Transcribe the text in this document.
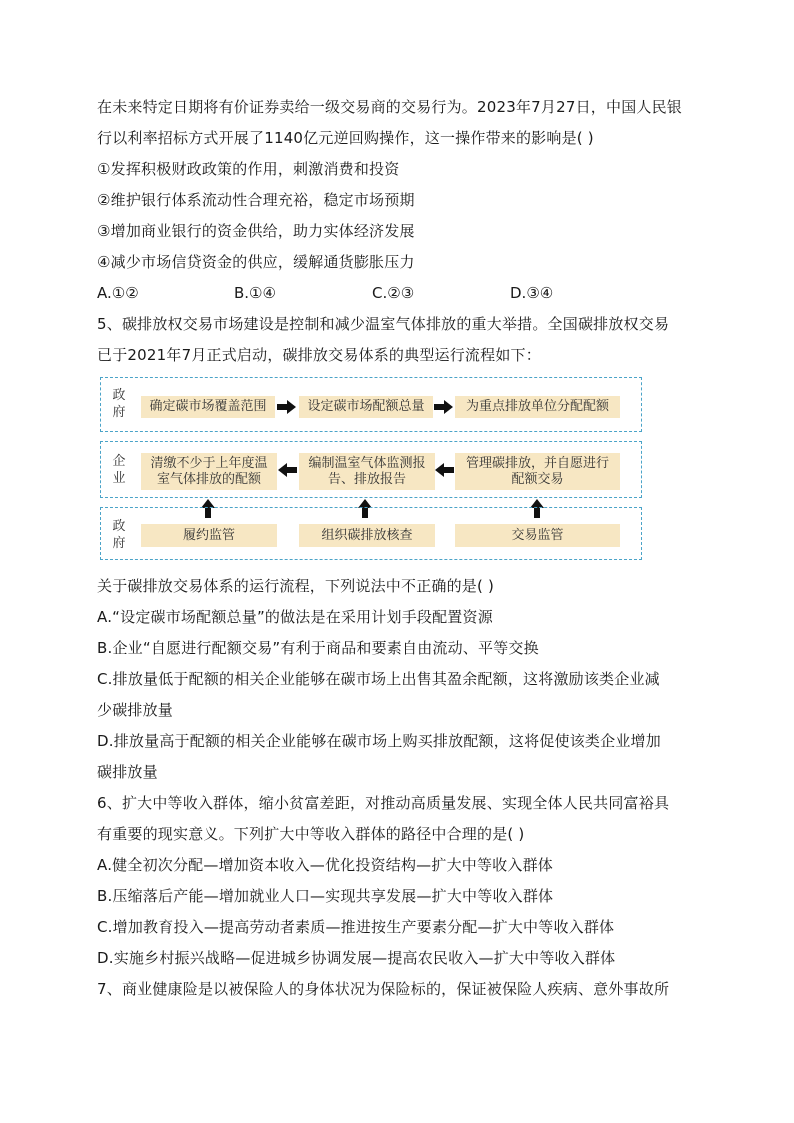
在未来特定日期将有价证券卖给一级交易商的交易行为。2023年7月27日，中国人民银
行以利率招标方式开展了1140亿元逆回购操作，这一操作带来的影响是( )
①发挥积极财政政策的作用，刺激消费和投资
②维护银行体系流动性合理充裕，稳定市场预期
③增加商业银行的资金供给，助力实体经济发展
④减少市场信贷资金的供应，缓解通货膨胀压力
A.①②	B.①④	C.②③	D.③④
5、碳排放权交易市场建设是控制和减少温室气体排放的重大举措。全国碳排放权交易
已于2021年7月正式启动，碳排放交易体系的典型运行流程如下：
政
府	确定碳市场覆盖范围	设定碳市场配额总量	为重点排放单位分配配额
企
业
清缴不少于上年度温
室气体排放的配额
编制温室气体监测报
告、排放报告
管理碳排放，并自愿进行
配额交易
政
府
履约监管	组织碳排放核查	交易监管
关于碳排放交易体系的运行流程，下列说法中不正确的是( )
A.“设定碳市场配额总量”的做法是在采用计划手段配置资源
B.企业“自愿进行配额交易”有利于商品和要素自由流动、平等交换
C.排放量低于配额的相关企业能够在碳市场上出售其盈余配额，这将激励该类企业减
少碳排放量
D.排放量高于配额的相关企业能够在碳市场上购买排放配额，这将促使该类企业增加
碳排放量
6、扩大中等收入群体，缩小贫富差距，对推动高质量发展、实现全体人民共同富裕具
有重要的现实意义。下列扩大中等收入群体的路径中合理的是( )
A.健全初次分配—增加资本收入—优化投资结构—扩大中等收入群体
B.压缩落后产能—增加就业人口—实现共享发展—扩大中等收入群体
C.增加教育投入—提高劳动者素质—推进按生产要素分配—扩大中等收入群体
D.实施乡村振兴战略—促进城乡协调发展—提高农民收入—扩大中等收入群体
7、商业健康险是以被保险人的身体状况为保险标的，保证被保险人疾病、意外事故所
